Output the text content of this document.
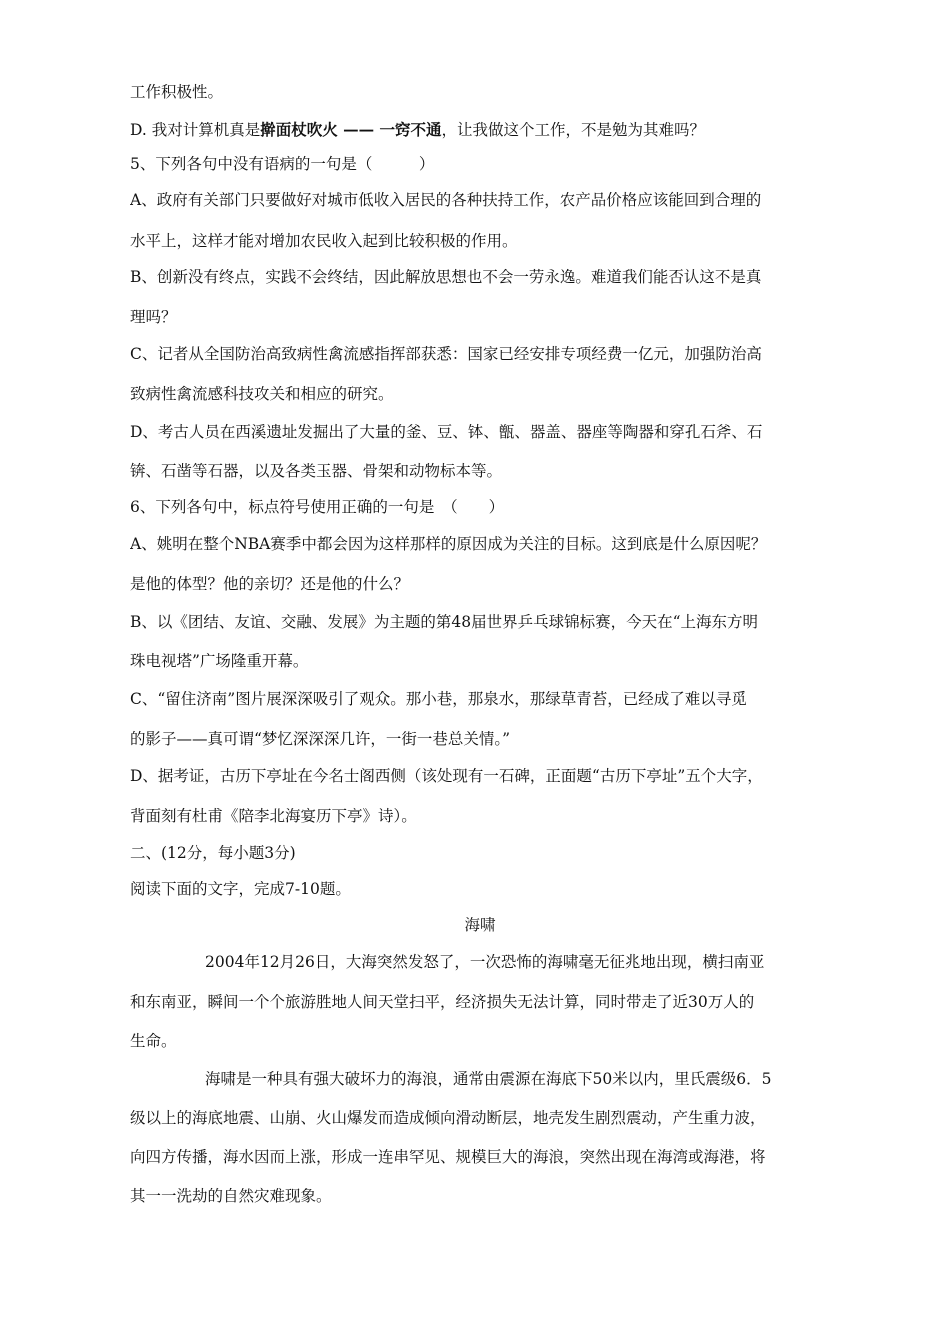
工作积极性。
D. 我对计算机真是擀面杖吹火 —— 一窍不通，让我做这个工作，不是勉为其难吗？
5、下列各句中没有语病的一句是（　　　）
A、政府有关部门只要做好对城市低收入居民的各种扶持工作，农产品价格应该能回到合理的
水平上，这样才能对增加农民收入起到比较积极的作用。
B、创新没有终点，实践不会终结，因此解放思想也不会一劳永逸。难道我们能否认这不是真
理吗？
C、记者从全国防治高致病性禽流感指挥部获悉：国家已经安排专项经费一亿元，加强防治高
致病性禽流感科技攻关和相应的研究。
D、考古人员在西溪遗址发掘出了大量的釜、豆、钵、甑、器盖、器座等陶器和穿孔石斧、石
锛、石凿等石器，以及各类玉器、骨架和动物标本等。
6、下列各句中，标点符号使用正确的一句是　（　　）
A、姚明在整个NBA赛季中都会因为这样那样的原因成为关注的目标。这到底是什么原因呢？
是他的体型？他的亲切？还是他的什么？
B、以《团结、友谊、交融、发展》为主题的第48届世界乒乓球锦标赛，今天在“上海东方明
珠电视塔”广场隆重开幕。
C、“留住济南”图片展深深吸引了观众。那小巷，那泉水，那绿草青苔，已经成了难以寻觅
的影子——真可谓“梦忆深深深几许，一街一巷总关情。”
D、据考证，古历下亭址在今名士阁西侧（该处现有一石碑，正面题“古历下亭址”五个大字，
背面刻有杜甫《陪李北海宴历下亭》诗）。
二、(12分，每小题3分)
阅读下面的文字，完成7-10题。
海啸
2004年12月26日，大海突然发怒了，一次恐怖的海啸毫无征兆地出现，横扫南亚
和东南亚，瞬间一个个旅游胜地人间天堂扫平，经济损失无法计算，同时带走了近30万人的
生命。
海啸是一种具有强大破坏力的海浪，通常由震源在海底下50米以内，里氏震级6．5
级以上的海底地震、山崩、火山爆发而造成倾向滑动断层，地壳发生剧烈震动，产生重力波，
向四方传播，海水因而上涨，形成一连串罕见、规模巨大的海浪，突然出现在海湾或海港，将
其一一洗劫的自然灾难现象。
